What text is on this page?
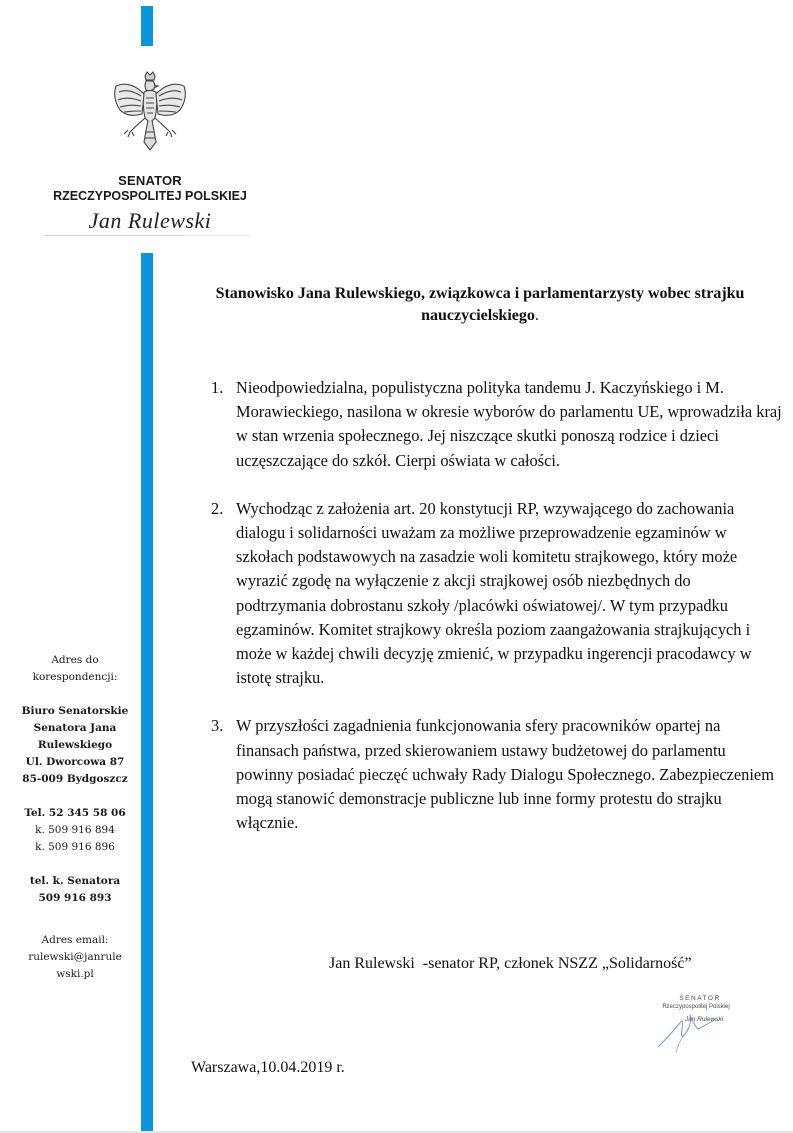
SENATOR
RZECZYPOSPOLITEJ POLSKIEJ
Jan Rulewski
Adres do
korespondencji:
Biuro Senatorskie
Senatora Jana
Rulewskiego
Ul. Dworcowa 87
85-009 Bydgoszcz
Tel. 52 345 58 06
k. 509 916 894
k. 509 916 896
tel. k. Senatora
509 916 893
Adres email:
rulewski@janrule
wski.pl
Stanowisko Jana Rulewskiego, związkowca i parlamentarzysty wobec strajku nauczycielskiego.
1. Nieodpowiedzialna, populistyczna polityka tandemu J. Kaczyńskiego i M. Morawieckiego, nasilona w okresie wyborów do parlamentu UE, wprowadziła kraj w stan wrzenia społecznego. Jej niszczące skutki ponoszą rodzice i dzieci uczęszczające do szkół. Cierpi oświata w całości.
2. Wychodząc z założenia art. 20 konstytucji RP, wzywającego do zachowania dialogu i solidarności uważam za możliwe przeprowadzenie egzaminów w szkołach podstawowych na zasadzie woli komitetu strajkowego, który może wyrazić zgodę na wyłączenie z akcji strajkowej osób niezbędnych do podtrzymania dobrostanu szkoły /placówki oświatowej/. W tym przypadku egzaminów. Komitet strajkowy określa poziom zaangażowania strajkujących i może w każdej chwili decyzję zmienić, w przypadku ingerencji pracodawcy w istotę strajku.
3. W przyszłości zagadnienia funkcjonowania sfery pracowników opartej na finansach państwa, przed skierowaniem ustawy budżetowej do parlamentu powinny posiadać pieczęć uchwały Rady Dialogu Społecznego. Zabezpieczeniem mogą stanowić demonstracje publiczne lub inne formy protestu do strajku włącznie.
Jan Rulewski  -senator RP, członek NSZZ „Solidarność”
SENATOR
Rzeczypospolitej Polskiej
Jan Rulewski
Warszawa,10.04.2019 r.
